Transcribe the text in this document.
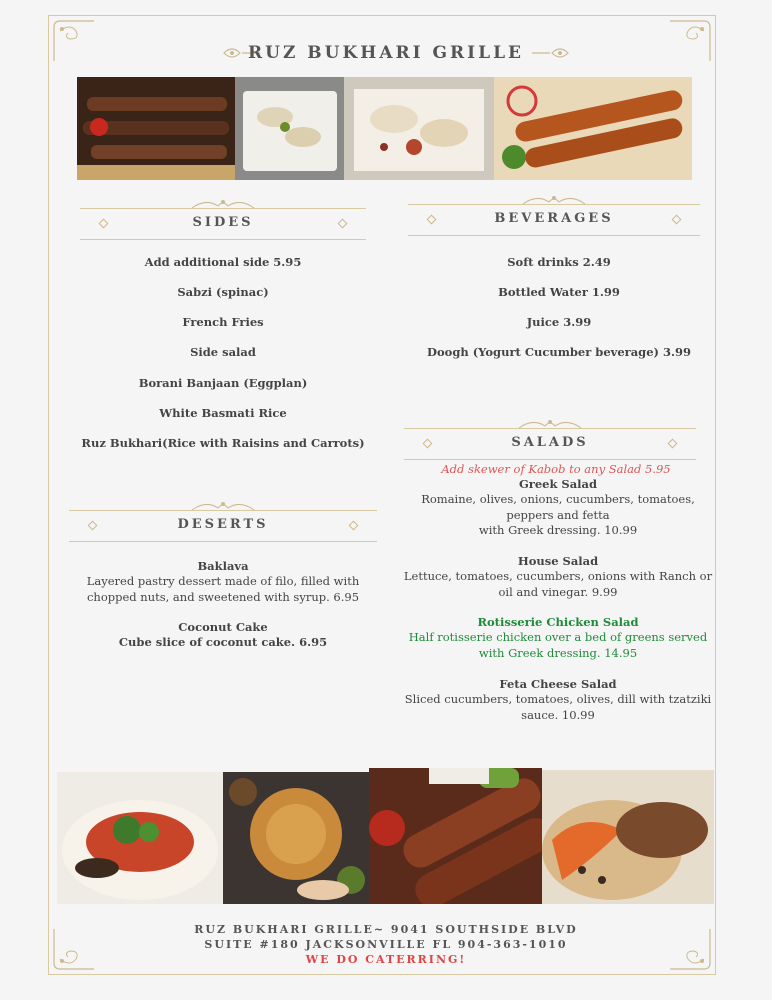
RUZ BUKHARI GRILLE
SIDES
Add additional side 5.95
Sabzi (spinac)
French Fries
Side salad
Borani Banjaan (Eggplan)
White Basmati Rice
Ruz Bukhari(Rice with Raisins and Carrots)
BEVERAGES
Soft drinks 2.49
Bottled Water 1.99
Juice 3.99
Doogh (Yogurt Cucumber beverage) 3.99
DESERTS
Baklava
Layered pastry dessert made of filo, filled with chopped nuts, and sweetened with syrup. 6.95
Coconut Cake
Cube slice of coconut cake. 6.95
SALADS
Add skewer of Kabob to any Salad 5.95
Greek Salad
Romaine, olives, onions, cucumbers, tomatoes, peppers and fetta
with Greek dressing. 10.99
House Salad
Lettuce, tomatoes, cucumbers, onions with Ranch or oil and vinegar. 9.99
Rotisserie Chicken Salad
Half rotisserie chicken over a bed of greens served with Greek dressing. 14.95
Feta Cheese Salad
Sliced cucumbers, tomatoes, olives, dill with tzatziki sauce. 10.99
RUZ BUKHARI GRILLE~ 9041 SOUTHSIDE BLVD
SUITE #180 JACKSONVILLE FL 904-363-1010
WE DO CATERRING!
